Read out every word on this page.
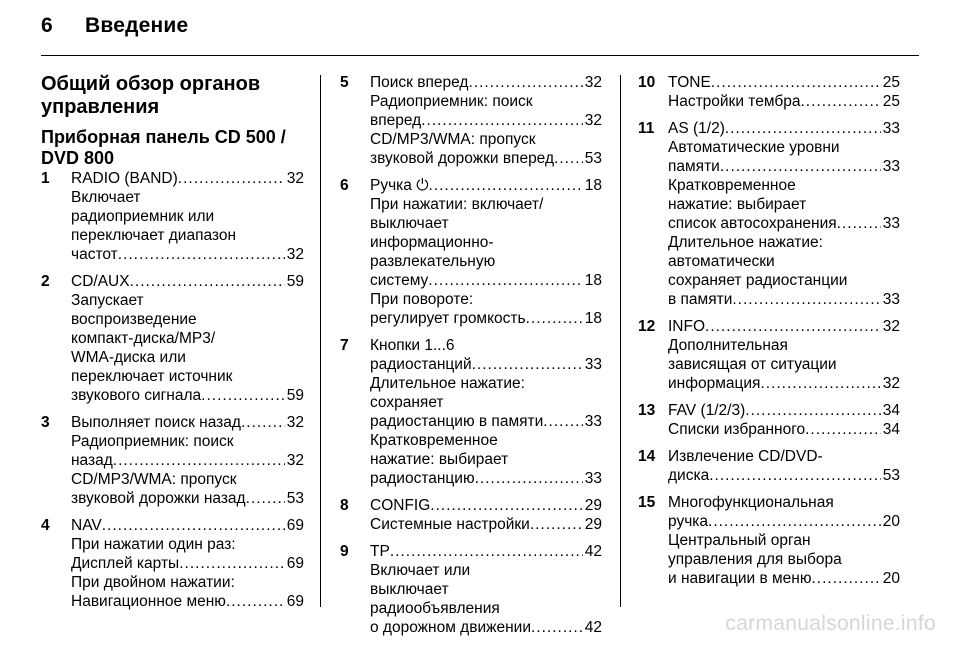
6 Введение
Общий обзор органов управления
Приборная панель CD 500 / DVD 800
1 RADIO (BAND) .....	32
Включает
радиоприемник или
переключает диапазон
частот .....	32
2 CD/AUX .....	59
Запускает
воспроизведение
компакт-диска/MP3/
WMA-диска или
переключает источник
звукового сигнала .....	59
3 Выполняет поиск назад .....	32
Радиоприемник: поиск
назад .....	32
CD/MP3/WMA: пропуск
звуковой дорожки назад .....	53
4 NAV .....	69
При нажатии один раз:
Дисплей карты .....	69
При двойном нажатии:
Навигационное меню .....	69
5 Поиск вперед .....	32
Радиоприемник: поиск
вперед .....	32
CD/MP3/WMA: пропуск
звуковой дорожки вперед ..... 53
6 Ручка ⏻ .....	18
При нажатии: включает/
выключает
информационно-
развлекательную
систему .....	18
При повороте:
регулирует громкость .....	18
7 Кнопки 1...6
радиостанций .....	33
Длительное нажатие:
сохраняет
радиостанцию в памяти .....	33
Кратковременное
нажатие: выбирает
радиостанцию .....	33
8 CONFIG .....	29
Системные настройки .....	29
9 TP .....	42
Включает или
выключает
радиообъявления
о дорожном движении .....	42
10 TONE .....	25
Настройки тембра .....	25
11 AS (1/2) .....	33
Автоматические уровни
памяти .....	33
Кратковременное
нажатие: выбирает
список автосохранения .....	33
Длительное нажатие:
автоматически
сохраняет радиостанции
в памяти .....	33
12 INFO .....	32
Дополнительная
зависящая от ситуации
информация .....	32
13 FAV (1/2/3) .....	34
Списки избранного .....	34
14 Извлечение CD/DVD-
диска .....	53
15 Многофункциональная
ручка .....	20
Центральный орган
управления для выбора
и навигации в меню .....	20
carmanualsonline.info
